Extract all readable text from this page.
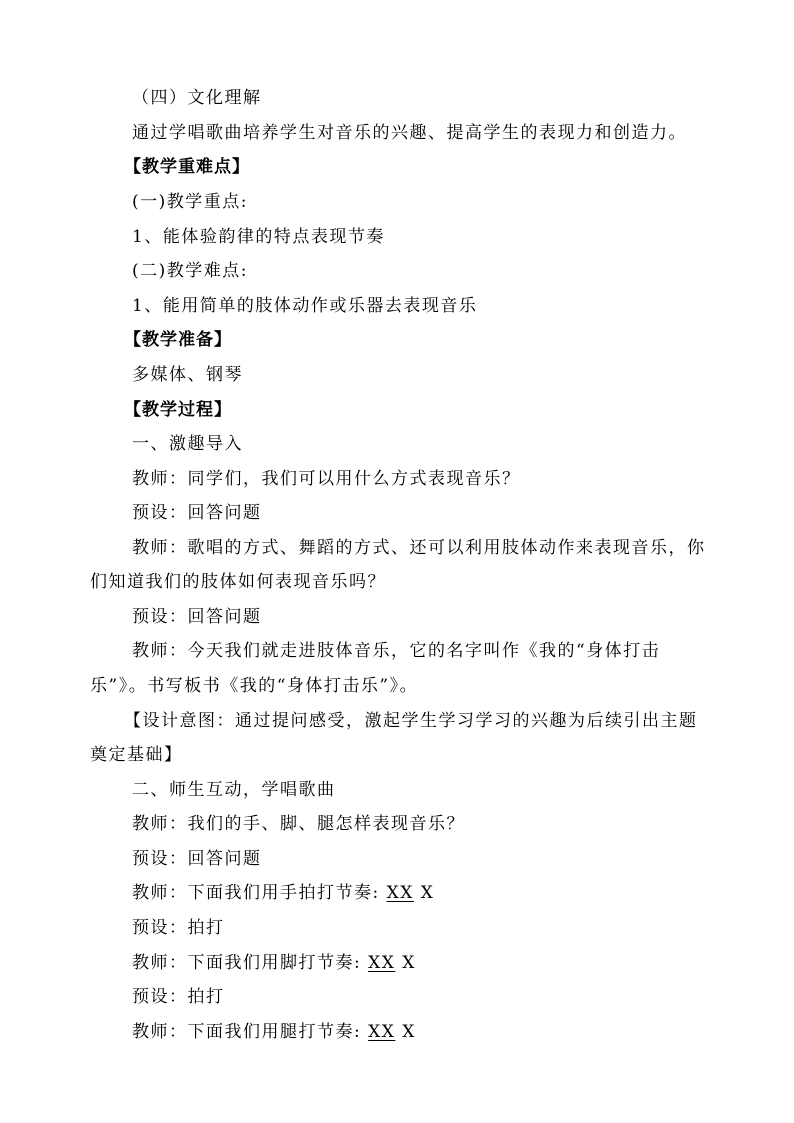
（四）文化理解
通过学唱歌曲培养学生对音乐的兴趣、提高学生的表现力和创造力。
【教学重难点】
(一)教学重点:
1、能体验韵律的特点表现节奏
(二)教学难点:
1、能用简单的肢体动作或乐器去表现音乐
【教学准备】
多媒体、钢琴
【教学过程】
一、激趣导入
教师：同学们，我们可以用什么方式表现音乐？
预设：回答问题
教师：歌唱的方式、舞蹈的方式、还可以利用肢体动作来表现音乐，你
们知道我们的肢体如何表现音乐吗？
预设：回答问题
教师：今天我们就走进肢体音乐，它的名字叫作《我的“身体打击
乐”》。书写板书《我的“身体打击乐”》。
【设计意图：通过提问感受，激起学生学习学习的兴趣为后续引出主题
奠定基础】
二、师生互动，学唱歌曲
教师：我们的手、脚、腿怎样表现音乐？
预设：回答问题
教师：下面我们用手拍打节奏: XX X
预设：拍打
教师：下面我们用脚打节奏: XX X
预设：拍打
教师：下面我们用腿打节奏: XX X
